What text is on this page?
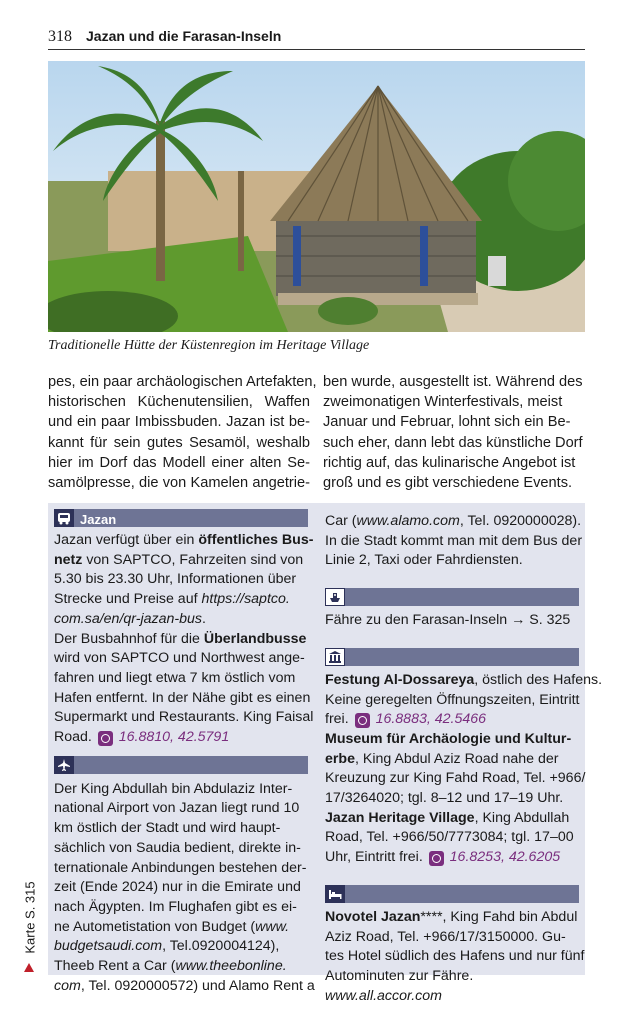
318 Jazan und die Farasan-Inseln
Traditionelle Hütte der Küstenregion im Heritage Village
pes, ein paar archäologischen Artefakten,
historischen Küchenutensilien, Waffen
und ein paar Imbissbuden. Jazan ist be-
kannt für sein gutes Sesamöl, weshalb
hier im Dorf das Modell einer alten Se-
samölpresse, die von Kamelen angetrie-
ben wurde, ausgestellt ist. Während des
zweimonatigen Winterfestivals, meist
Januar und Februar, lohnt sich ein Be-
such eher, dann lebt das künstliche Dorf
richtig auf, das kulinarische Angebot ist
groß und es gibt verschiedene Events.
Jazan
Jazan verfügt über ein öffentliches Bus-
netz von SAPTCO, Fahrzeiten sind von
5.30 bis 23.30 Uhr, Informationen über
Strecke und Preise auf https://saptco.
com.sa/en/qr-jazan-bus.
Der Busbahnhof für die Überlandbusse
wird von SAPTCO und Northwest ange-
fahren und liegt etwa 7 km östlich vom
Hafen entfernt. In der Nähe gibt es einen
Supermarkt und Restaurants. King Faisal
Road. 16.8810, 42.5791
Der King Abdullah bin Abdulaziz Inter-
national Airport von Jazan liegt rund 10
km östlich der Stadt und wird haupt-
sächlich von Saudia bedient, direkte in-
ternationale Anbindungen bestehen der-
zeit (Ende 2024) nur in die Emirate und
nach Ägypten. Im Flughafen gibt es ei-
ne Autometistation von Budget (www.
budgetsaudi.com, Tel.0920004124),
Theeb Rent a Car (www.theebonline.
com, Tel. 0920000572) und Alamo Rent a
Car (www.alamo.com, Tel. 0920000028).
In die Stadt kommt man mit dem Bus der
Linie 2, Taxi oder Fahrdiensten.
Fähre zu den Farasan-Inseln → S. 325
Festung Al-Dossareya, östlich des Hafens.
Keine geregelten Öffnungszeiten, Eintritt
frei. 16.8883, 42.5466
Museum für Archäologie und Kultur-
erbe, King Abdul Aziz Road nahe der
Kreuzung zur King Fahd Road, Tel. +966/
17/3264020; tgl. 8–12 und 17–19 Uhr.
Jazan Heritage Village, King Abdullah
Road, Tel. +966/50/7773084; tgl. 17–00
Uhr, Eintritt frei. 16.8253, 42.6205
Novotel Jazan****, King Fahd bin Abdul
Aziz Road, Tel. +966/17/3150000. Gu-
tes Hotel südlich des Hafens und nur fünf
Autominuten zur Fähre.
www.all.accor.com
Karte S. 315
